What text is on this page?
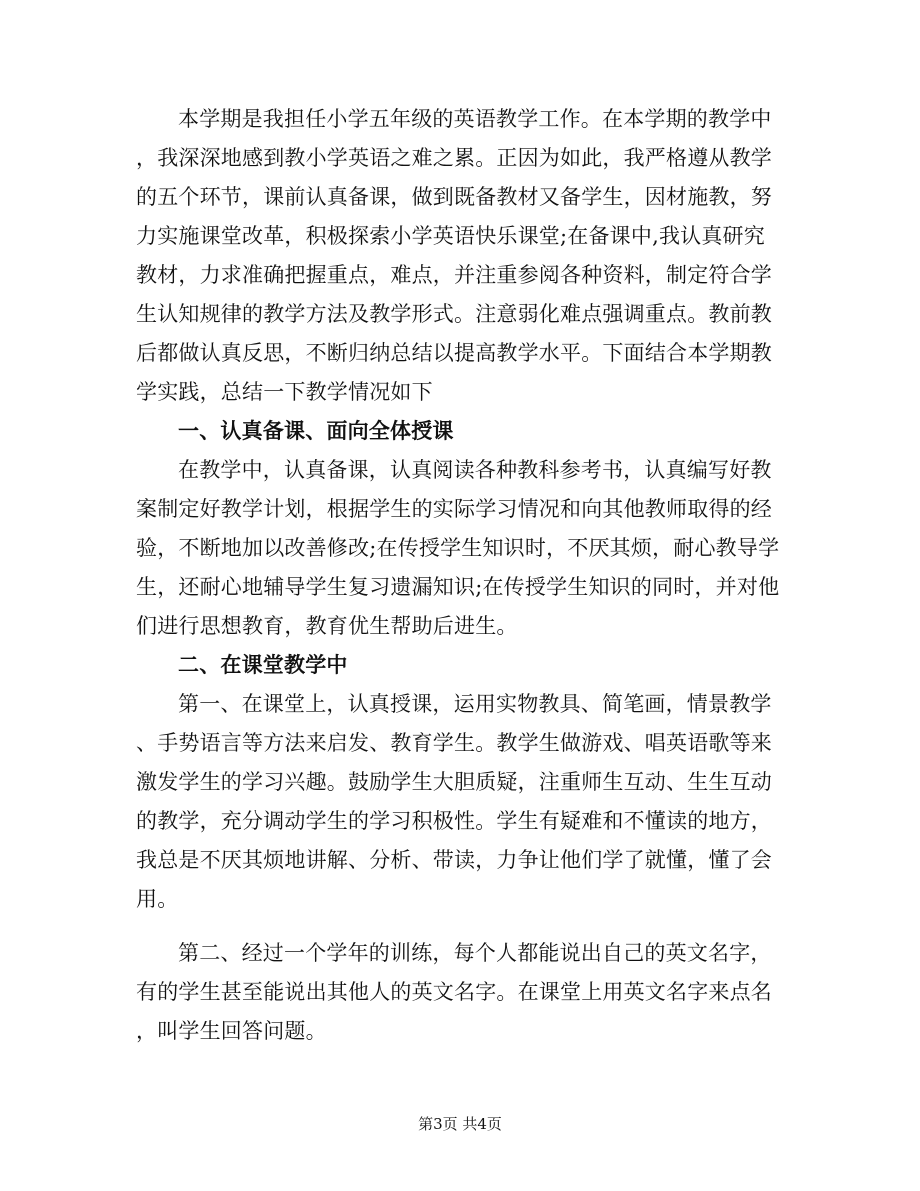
本学期是我担任小学五年级的英语教学工作。在本学期的教学中
，我深深地感到教小学英语之难之累。正因为如此，我严格遵从教学
的五个环节，课前认真备课，做到既备教材又备学生，因材施教，努
力实施课堂改革，积极探索小学英语快乐课堂;在备课中,我认真研究
教材，力求准确把握重点，难点，并注重参阅各种资料，制定符合学
生认知规律的教学方法及教学形式。注意弱化难点强调重点。教前教
后都做认真反思，不断归纳总结以提高教学水平。下面结合本学期教
学实践，总结一下教学情况如下
一、认真备课、面向全体授课
在教学中，认真备课，认真阅读各种教科参考书，认真编写好教
案制定好教学计划，根据学生的实际学习情况和向其他教师取得的经
验，不断地加以改善修改;在传授学生知识时，不厌其烦，耐心教导学
生，还耐心地辅导学生复习遗漏知识;在传授学生知识的同时，并对他
们进行思想教育，教育优生帮助后进生。
二、在课堂教学中
第一、在课堂上，认真授课，运用实物教具、简笔画，情景教学
、手势语言等方法来启发、教育学生。教学生做游戏、唱英语歌等来
激发学生的学习兴趣。鼓励学生大胆质疑，注重师生互动、生生互动
的教学，充分调动学生的学习积极性。学生有疑难和不懂读的地方，
我总是不厌其烦地讲解、分析、带读，力争让他们学了就懂，懂了会
用。
第二、经过一个学年的训练，每个人都能说出自己的英文名字，
有的学生甚至能说出其他人的英文名字。在课堂上用英文名字来点名
，叫学生回答问题。
第3页 共4页
